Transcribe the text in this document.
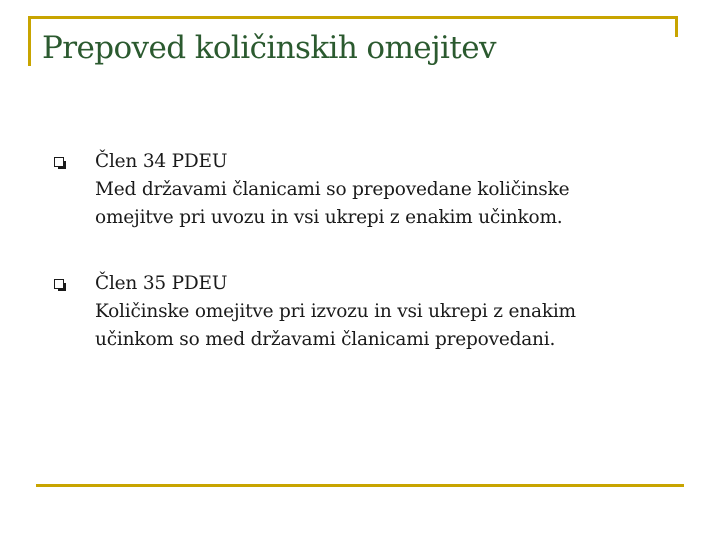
Prepoved količinskih omejitev
Člen 34 PDEU
Med državami članicami so prepovedane količinske
omejitve pri uvozu in vsi ukrepi z enakim učinkom.
Člen 35 PDEU
Količinske omejitve pri izvozu in vsi ukrepi z enakim
učinkom so med državami članicami prepovedani.
